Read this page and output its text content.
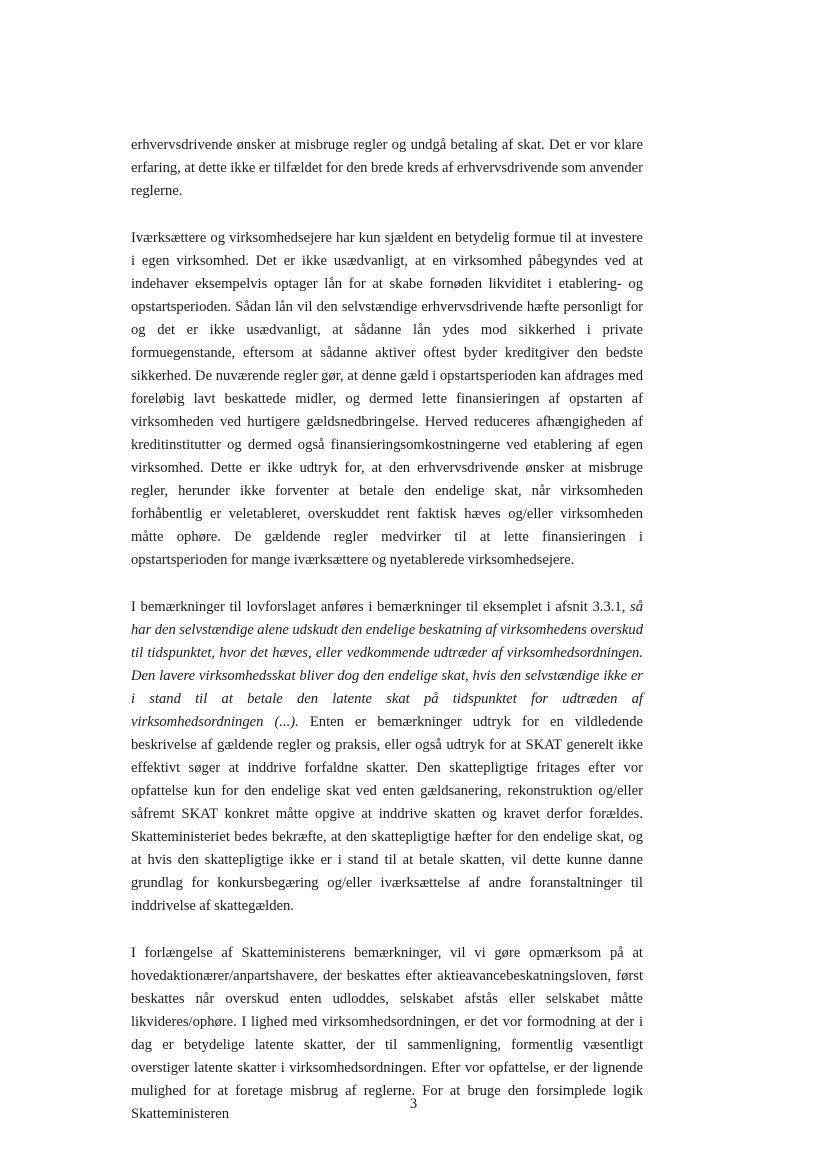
erhvervsdrivende ønsker at misbruge regler og undgå betaling af skat. Det er vor klare erfaring, at dette ikke er tilfældet for den brede kreds af erhvervsdrivende som anvender reglerne.

Iværksættere og virksomhedsejere har kun sjældent en betydelig formue til at investere i egen virksomhed. Det er ikke usædvanligt, at en virksomhed påbegyndes ved at indehaver eksempelvis optager lån for at skabe fornøden likviditet i etablering- og opstartsperioden. Sådan lån vil den selvstændige erhvervsdrivende hæfte personligt for og det er ikke usædvanligt, at sådanne lån ydes mod sikkerhed i private formuegenstande, eftersom at sådanne aktiver oftest byder kreditgiver den bedste sikkerhed. De nuværende regler gør, at denne gæld i opstartsperioden kan afdrages med foreløbig lavt beskattede midler, og dermed lette finansieringen af opstarten af virksomheden ved hurtigere gældsnedbringelse. Herved reduceres afhængigheden af kreditinstitutter og dermed også finansieringsomkostningerne ved etablering af egen virksomhed. Dette er ikke udtryk for, at den erhvervsdrivende ønsker at misbruge regler, herunder ikke forventer at betale den endelige skat, når virksomheden forhåbentlig er veletableret, overskuddet rent faktisk hæves og/eller virksomheden måtte ophøre. De gældende regler medvirker til at lette finansieringen i opstartsperioden for mange iværksættere og nyetablerede virksomhedsejere.

I bemærkninger til lovforslaget anføres i bemærkninger til eksemplet i afsnit 3.3.1, så har den selvstændige alene udskudt den endelige beskatning af virksomhedens overskud til tidspunktet, hvor det hæves, eller vedkommende udtræder af virksomhedsordningen. Den lavere virksomhedsskat bliver dog den endelige skat, hvis den selvstændige ikke er i stand til at betale den latente skat på tidspunktet for udtræden af virksomhedsordningen (...). Enten er bemærkninger udtryk for en vildledende beskrivelse af gældende regler og praksis, eller også udtryk for at SKAT generelt ikke effektivt søger at inddrive forfaldne skatter. Den skattepligtige fritages efter vor opfattelse kun for den endelige skat ved enten gældsanering, rekonstruktion og/eller såfremt SKAT konkret måtte opgive at inddrive skatten og kravet derfor forældes. Skatteministeriet bedes bekræfte, at den skattepligtige hæfter for den endelige skat, og at hvis den skattepligtige ikke er i stand til at betale skatten, vil dette kunne danne grundlag for konkursbegæring og/eller iværksættelse af andre foranstaltninger til inddrivelse af skattegælden.

I forlængelse af Skatteministerens bemærkninger, vil vi gøre opmærksom på at hovedaktionærer/anpartshavere, der beskattes efter aktieavancebeskatningsloven, først beskattes når overskud enten udloddes, selskabet afstås eller selskabet måtte likvideres/ophøre. I lighed med virksomhedsordningen, er det vor formodning at der i dag er betydelige latente skatter, der til sammenligning, formentlig væsentligt overstiger latente skatter i virksomhedsordningen. Efter vor opfattelse, er der lignende mulighed for at foretage misbrug af reglerne. For at bruge den forsimplede logik Skatteministeren

3
